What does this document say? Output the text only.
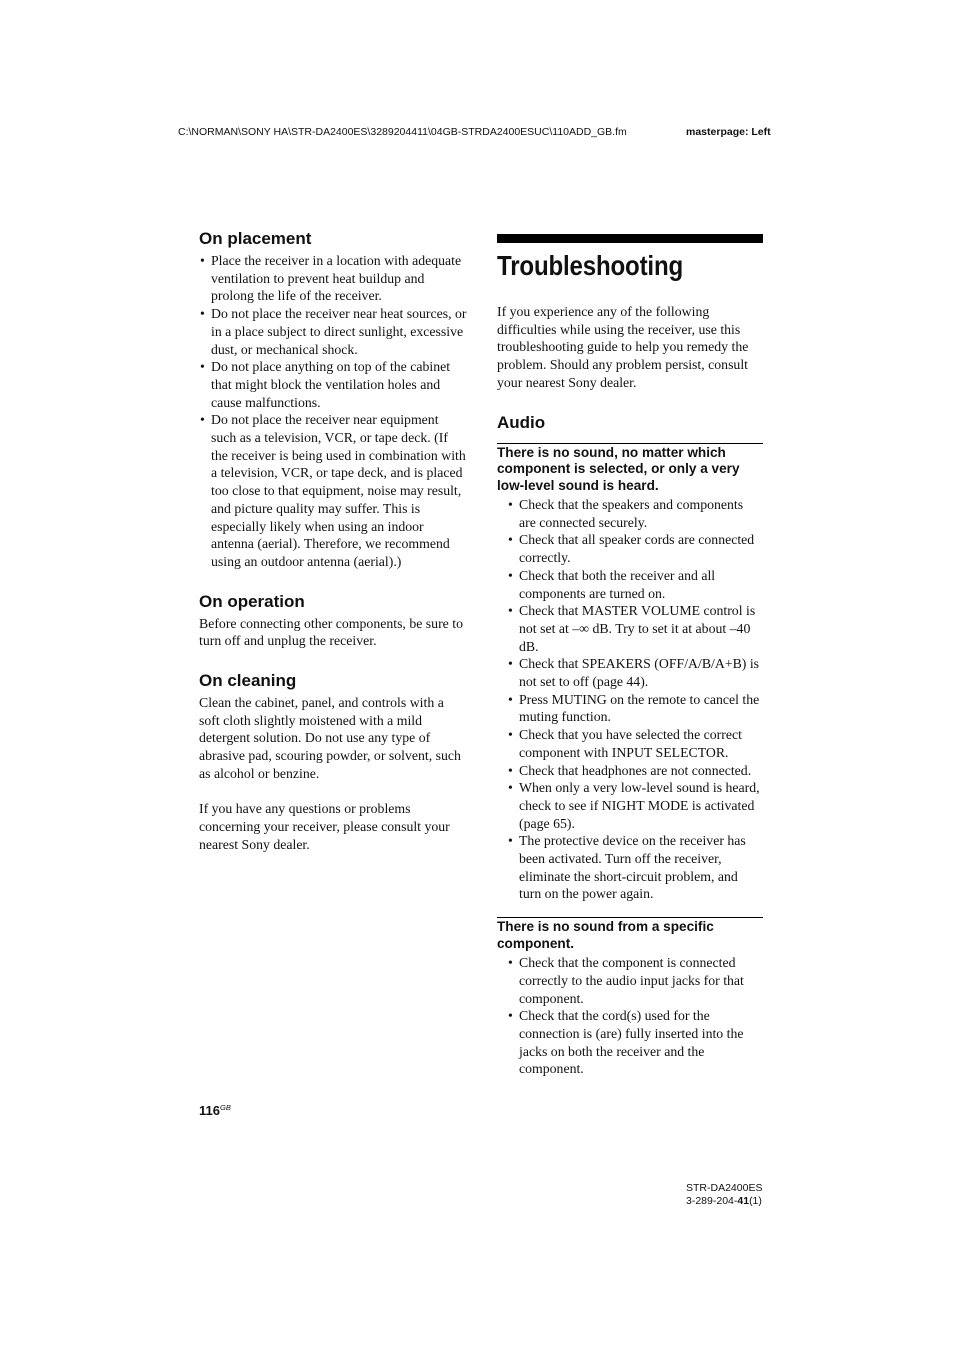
C:\NORMAN\SONY HA\STR-DA2400ES\3289204411\04GB-STRDA2400ESUC\110ADD_GB.fm	masterpage: Left
On placement
• Place the receiver in a location with adequate ventilation to prevent heat buildup and prolong the life of the receiver.
• Do not place the receiver near heat sources, or in a place subject to direct sunlight, excessive dust, or mechanical shock.
• Do not place anything on top of the cabinet that might block the ventilation holes and cause malfunctions.
• Do not place the receiver near equipment such as a television, VCR, or tape deck. (If the receiver is being used in combination with a television, VCR, or tape deck, and is placed too close to that equipment, noise may result, and picture quality may suffer. This is especially likely when using an indoor antenna (aerial). Therefore, we recommend using an outdoor antenna (aerial).)
On operation

Before connecting other components, be sure to turn off and unplug the receiver.

On cleaning

Clean the cabinet, panel, and controls with a soft cloth slightly moistened with a mild detergent solution. Do not use any type of abrasive pad, scouring powder, or solvent, such as alcohol or benzine.

If you have any questions or problems concerning your receiver, please consult your nearest Sony dealer.

Troubleshooting

If you experience any of the following difficulties while using the receiver, use this troubleshooting guide to help you remedy the problem. Should any problem persist, consult your nearest Sony dealer.

Audio
There is no sound, no matter which component is selected, or only a very low-level sound is heard.
• Check that the speakers and components are connected securely.
• Check that all speaker cords are connected correctly.
• Check that both the receiver and all components are turned on.
• Check that MASTER VOLUME control is not set at –∞ dB. Try to set it at about –40 dB.
• Check that SPEAKERS (OFF/A/B/A+B) is not set to off (page 44).
• Press MUTING on the remote to cancel the muting function.
• Check that you have selected the correct component with INPUT SELECTOR.
• Check that headphones are not connected.
• When only a very low-level sound is heard, check to see if NIGHT MODE is activated (page 65).
• The protective device on the receiver has been activated. Turn off the receiver, eliminate the short-circuit problem, and turn on the power again.
There is no sound from a specific component.
• Check that the component is connected correctly to the audio input jacks for that component.
• Check that the cord(s) used for the connection is (are) fully inserted into the jacks on both the receiver and the component.
$116^{GB}$
STR-DA2400ES
3-289-204-41(1)
